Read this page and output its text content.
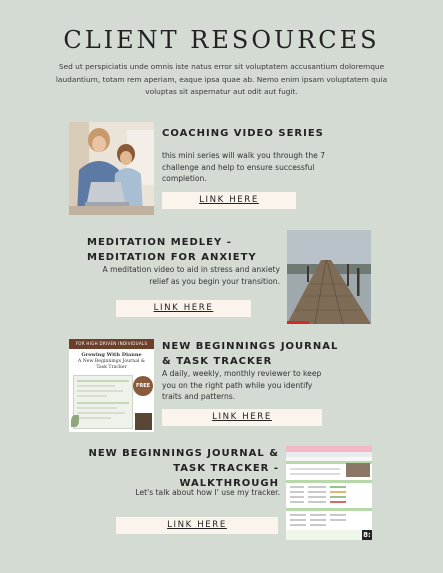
CLIENT RESOURCES
Sed ut perspiciatis unde omnis iste natus error sit voluptatem accusantium doloremque laudantium, totam rem aperiam, eaque ipsa quae ab. Nemo enim ipsam voluptatem quia voluptas sit aspernatur aut odit aut fugit.
COACHING VIDEO SERIES
this mini series will walk you through the 7 challenge and help to ensure successful completion.
LINK HERE
MEDITATION MEDLEY - MEDITATION FOR ANXIETY
A meditation video to aid in stress and anxiety relief as you begin your transition.
LINK HERE
FOR HIGH DRIVEN INDIVIDUALS
Growing With Dianne
A New Beginnings Journal &
Task Tracker
FREE
NEW BEGINNINGS JOURNAL & TASK TRACKER
A daily, weekly, monthly reviewer to keep you on the right path while you identify traits and patterns.
LINK HERE
NEW BEGINNINGS JOURNAL & TASK TRACKER - WALKTHROUGH
Let's talk about how I' use my tracker.
LINK HERE
8:
